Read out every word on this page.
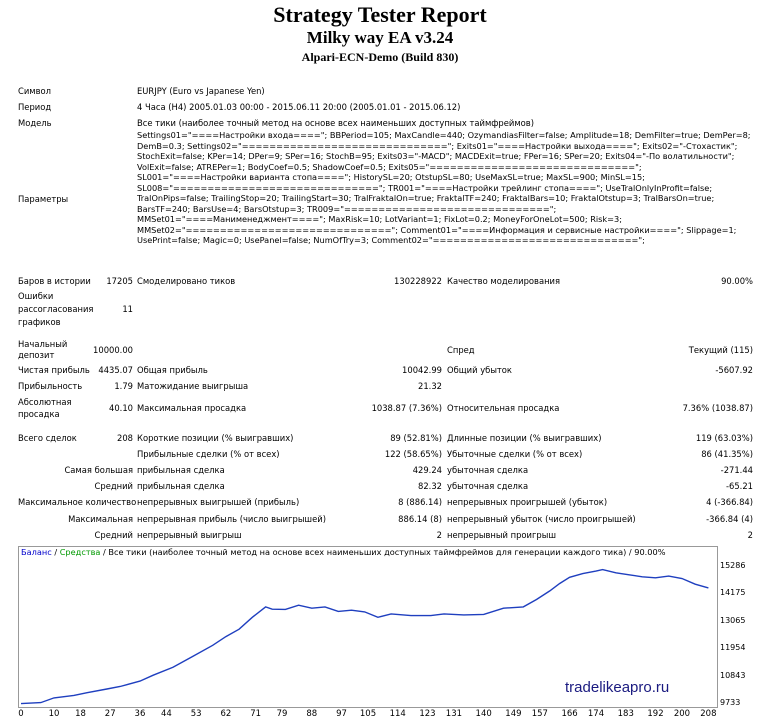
Strategy Tester Report
Milky way EA v3.24
Alpari-ECN-Demo (Build 830)
Символ	EURJPY (Euro vs Japanese Yen)
Период	4 Часа (H4) 2005.01.03 00:00 - 2015.06.11 20:00 (2005.01.01 - 2015.06.12)
Модель	Все тики (наиболее точный метод на основе всех наименьших доступных таймфреймов)
Параметры
Settings01="====Настройки входа===="; BBPeriod=105; MaxCandle=440; OzymandiasFilter=false; Amplitude=18; DemFilter=true; DemPer=8;
DemB=0.3; Settings02="=============================="; Exits01="====Настройки выхода===="; Exits02="-Стохастик";
StochExit=false; KPer=14; DPer=9; SPer=16; StochB=95; Exits03="-MACD"; MACDExit=true; FPer=16; SPer=20; Exits04="-По волатильности";
VolExit=false; ATREPer=1; BodyCoef=0.5; ShadowCoef=0.5; Exits05="==============================";
SL001="====Настройки варианта стопа===="; HistorySL=20; OtstupSL=80; UseMaxSL=true; MaxSL=900; MinSL=15;
SL008="=============================="; TR001="====Настройки трейлинг стопа===="; UseTralOnlyInProfit=false;
TralOnPips=false; TrailingStop=20; TrailingStart=30; TralFraktalOn=true; FraktalTF=240; FraktalBars=10; FraktalOtstup=3; TralBarsOn=true;
BarsTF=240; BarsUse=4; BarsOtstup=3; TR009="==============================";
MMSet01="====Манименеджмент===="; MaxRisk=10; LotVariant=1; FixLot=0.2; MoneyForOneLot=500; Risk=3;
MMSet02="=============================="; Comment01="====Информация и сервисные настройки===="; Slippage=1;
UsePrint=false; Magic=0; UsePanel=false; NumOfTry=3; Comment02="==============================";
Баров в истории	17205 Смоделировано тиков	130228922 Качество моделирования	90.00%
Ошибки
рассогласования
графиков
11
Начальный
депозит	10000.00	Спред	Текущий (115)
Чистая прибыль	4435.07 Общая прибыль	10042.99 Общий убыток	-5607.92
Прибыльность	1.79 Матожидание выигрыша	21.32
Абсолютная
просадка
40.10 Максимальная просадка	1038.87 (7.36%) Относительная просадка	7.36% (1038.87)
Всего сделок	208 Короткие позиции (% выигравших)	89 (52.81%) Длинные позиции (% выигравших)	119 (63.03%)
Прибыльные сделки (% от всех)	122 (58.65%) Убыточные сделки (% от всех)	86 (41.35%)
Самая большая прибыльная сделка	429.24 убыточная сделка	-271.44
Средний прибыльная сделка	82.32 убыточная сделка	-65.21
Максимальное количество непрерывных выигрышей (прибыль)	8 (886.14) непрерывных проигрышей (убыток)	4 (-366.84)
Максимальная непрерывная прибыль (число выигрышей)	886.14 (8) непрерывный убыток (число проигрышей)	-366.84 (4)
Средний непрерывный выигрыш	2 непрерывный проигрыш	2
Баланс / Средства / Все тики (наиболее точный метод на основе всех наименьших доступных таймфреймов для генерации каждого тика) / 90.00%
9733
10843
11954
13065
14175
15286
0	10 18 27 36 44 53 62 71 79 88 97 105 114 123 131 140 149 157 166 174 183 192 200 208
tradelikeapro.ru
